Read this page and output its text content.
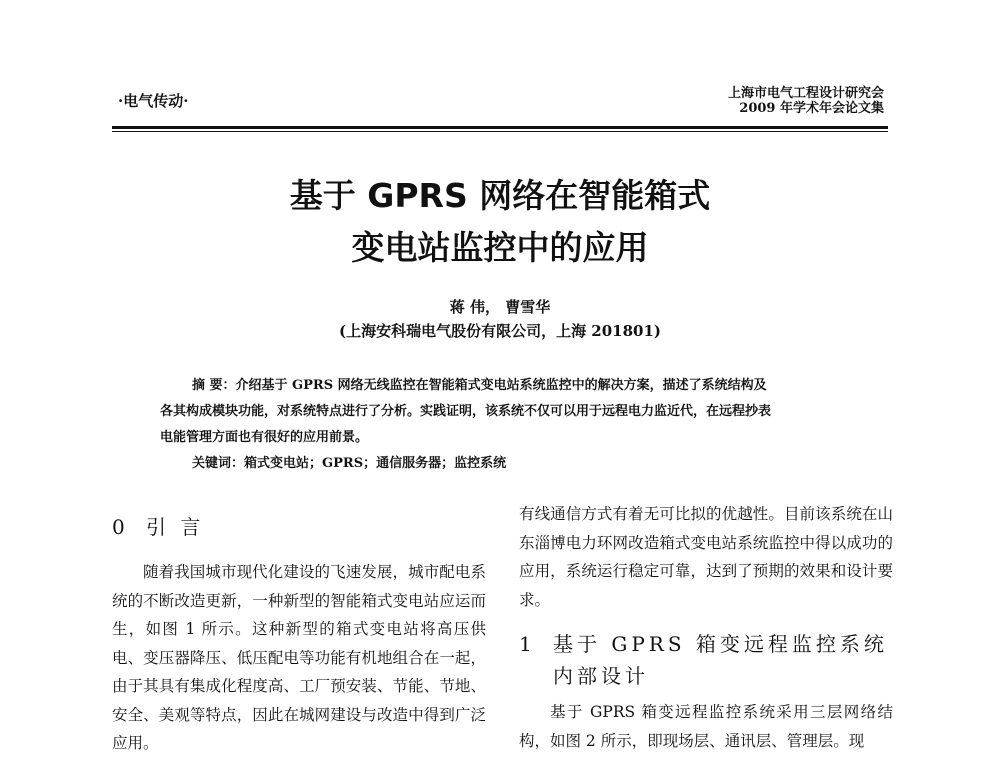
·电气传动·	上海市电气工程设计研究会
2009 年学术年会论文集
基于 GPRS 网络在智能箱式
变电站监控中的应用
蒋 伟， 曹雪华
(上海安科瑞电气股份有限公司，上海 201801)

摘 要：介绍基于 GPRS 网络无线监控在智能箱式变电站系统监控中的解决方案，描述了系统结构及

各其构成模块功能，对系统特点进行了分析。实践证明，该系统不仅可以用于远程电力监近代，在远程抄表

电能管理方面也有很好的应用前景。

关键词：箱式变电站；GPRS；通信服务器；监控系统

0 引 言

随着我国城市现代化建设的飞速发展，城市配电系统的不断改造更新，一种新型的智能箱式变电站应运而生，如图 1 所示。这种新型的箱式变电站将高压供电、变压器降压、低压配电等功能有机地组合在一起，由于其具有集成化程度高、工厂预安装、节能、节地、安全、美观等特点，因此在城网建设与改造中得到广泛应用。

有线通信方式有着无可比拟的优越性。目前该系统在山东淄博电力环网改造箱式变电站系统监控中得以成功的应用，系统运行稳定可靠，达到了预期的效果和设计要求。

1 基于 GPRS 箱变远程监控系统内部设计

基于 GPRS 箱变远程监控系统采用三层网络结构，如图 2 所示，即现场层、通讯层、管理层。现
